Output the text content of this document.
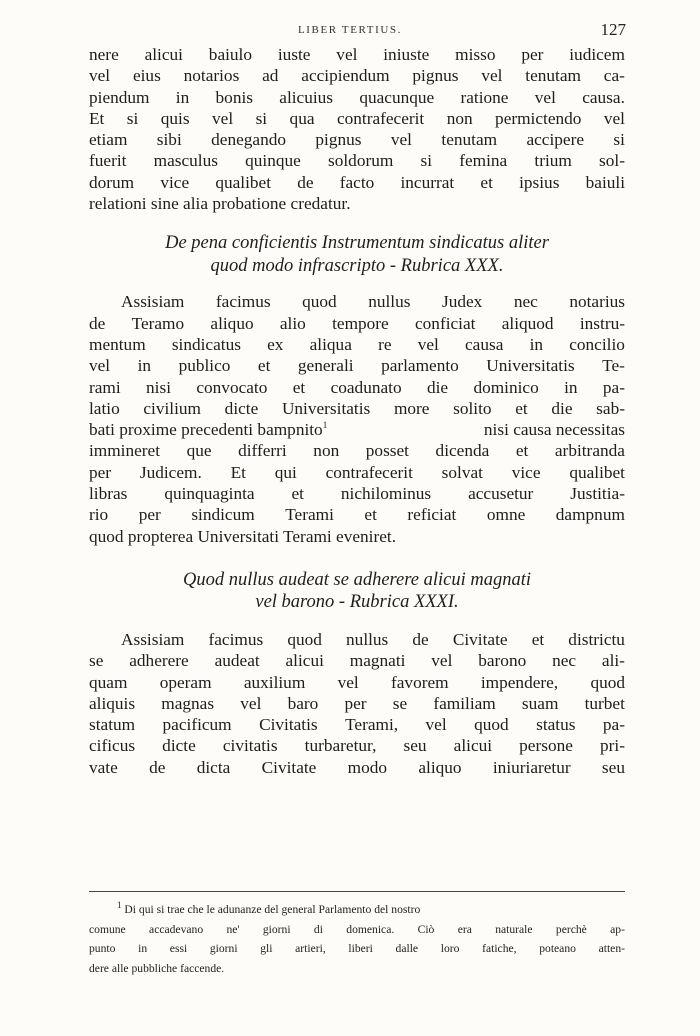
LIBER TERTIUS.	127
nere alicui baiulo iuste vel iniuste misso per iudicem
vel eius notarios ad accipiendum pignus vel tenutam ca-
piendum in bonis alicuius quacunque ratione vel causa.
Et si quis vel si qua contrafecerit non permictendo vel
etiam sibi denegando pignus vel tenutam accipere si
fuerit masculus quinque soldorum si femina trium sol-
dorum vice qualibet de facto incurrat et ipsius baiuli
relationi sine alia probatione credatur.
De pena conficientis Instrumentum sindicatus aliter
quod modo infrascripto - Rubrica XXX.
Assisiam facimus quod nullus Judex nec notarius
de Teramo aliquo alio tempore conficiat aliquod instru-
mentum sindicatus ex aliqua re vel causa in concilio
vel in publico et generali parlamento Universitatis Te-
rami nisi convocato et coadunato die dominico in pa-
latio civilium dicte Universitatis more solito et die sab-
bati proxime precedenti bampnito$^1$	nisi causa necessitas
immineret que differri non posset dicenda et arbitranda
per Judicem. Et qui contrafecerit solvat vice qualibet
libras quinquaginta et nichilominus accusetur Justitia-
rio per sindicum Terami et reficiat omne dampnum
quod propterea Universitati Terami eveniret.
Quod nullus audeat se adherere alicui magnati
vel barono - Rubrica XXXI.
Assisiam facimus quod nullus de Civitate et districtu
se adherere audeat alicui magnati vel barono nec ali-
quam operam auxilium vel favorem impendere, quod
aliquis magnas vel baro per se familiam suam turbet
statum pacificum Civitatis Terami, vel quod status pa-
cificus dicte civitatis turbaretur, seu alicui persone pri-
vate de dicta Civitate modo aliquo iniuriaretur seu
$^1$ Di qui si trae che le adunanze del general Parlamento del nostro
comune accadevano ne' giorni di domenica. Ciò era naturale perchè ap-
punto in essi giorni gli artieri, liberi dalle loro fatiche, poteano atten-
dere alle pubbliche faccende.
